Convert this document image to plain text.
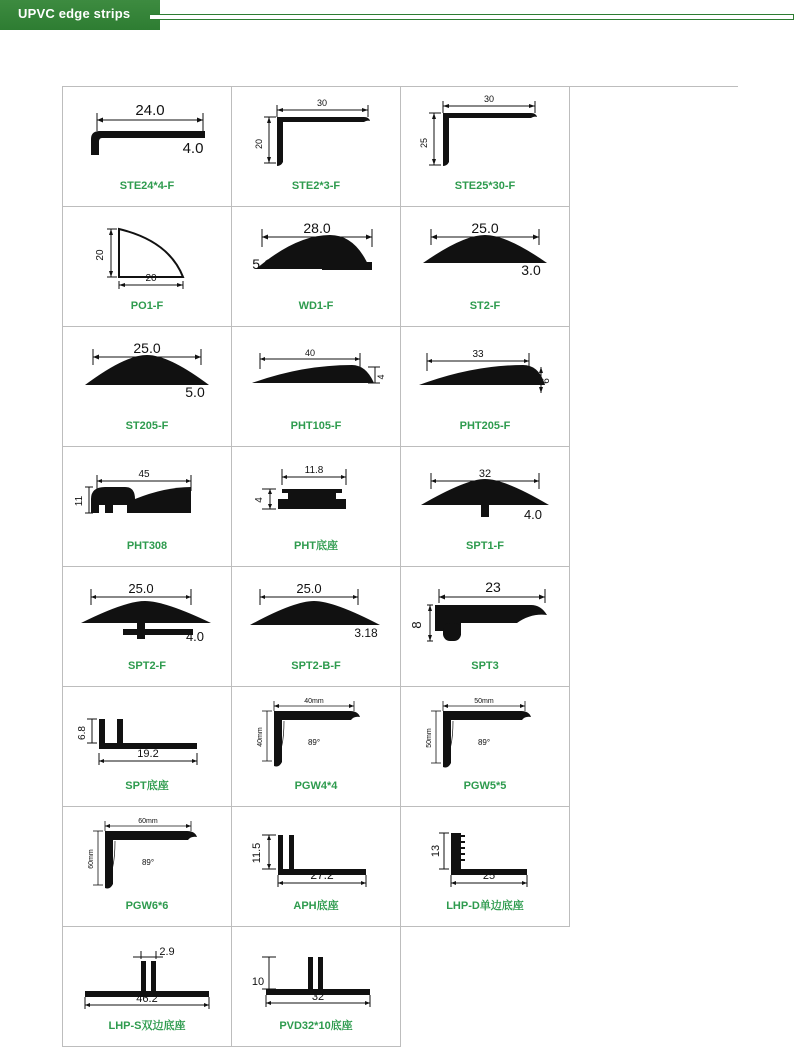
UPVC edge strips
24.0
4.0
STE24*4-F
30
20
STE2*3-F
30
25
STE25*30-F
20
20
PO1-F
28.0
5.1
WD1-F
25.0
3.0
ST2-F
25.0
5.0
ST205-F
40
4
PHT105-F
33
6
PHT205-F
45
11
PHT308
11.8
4
PHT底座
32
4.0
SPT1-F
25.0
4.0
SPT2-F
25.0
3.18
SPT2-B-F
23
8
SPT3
6.8
19.2
SPT底座
40mm
40mm	89°
PGW4*4
50mm
50mm	89°
PGW5*5
60mm
60mm	89°
PGW6*6
11.5
27.2
APH底座
13
25
LHP-D单边底座
2.9
46.2
LHP-S双边底座
10
32
PVD32*10底座
